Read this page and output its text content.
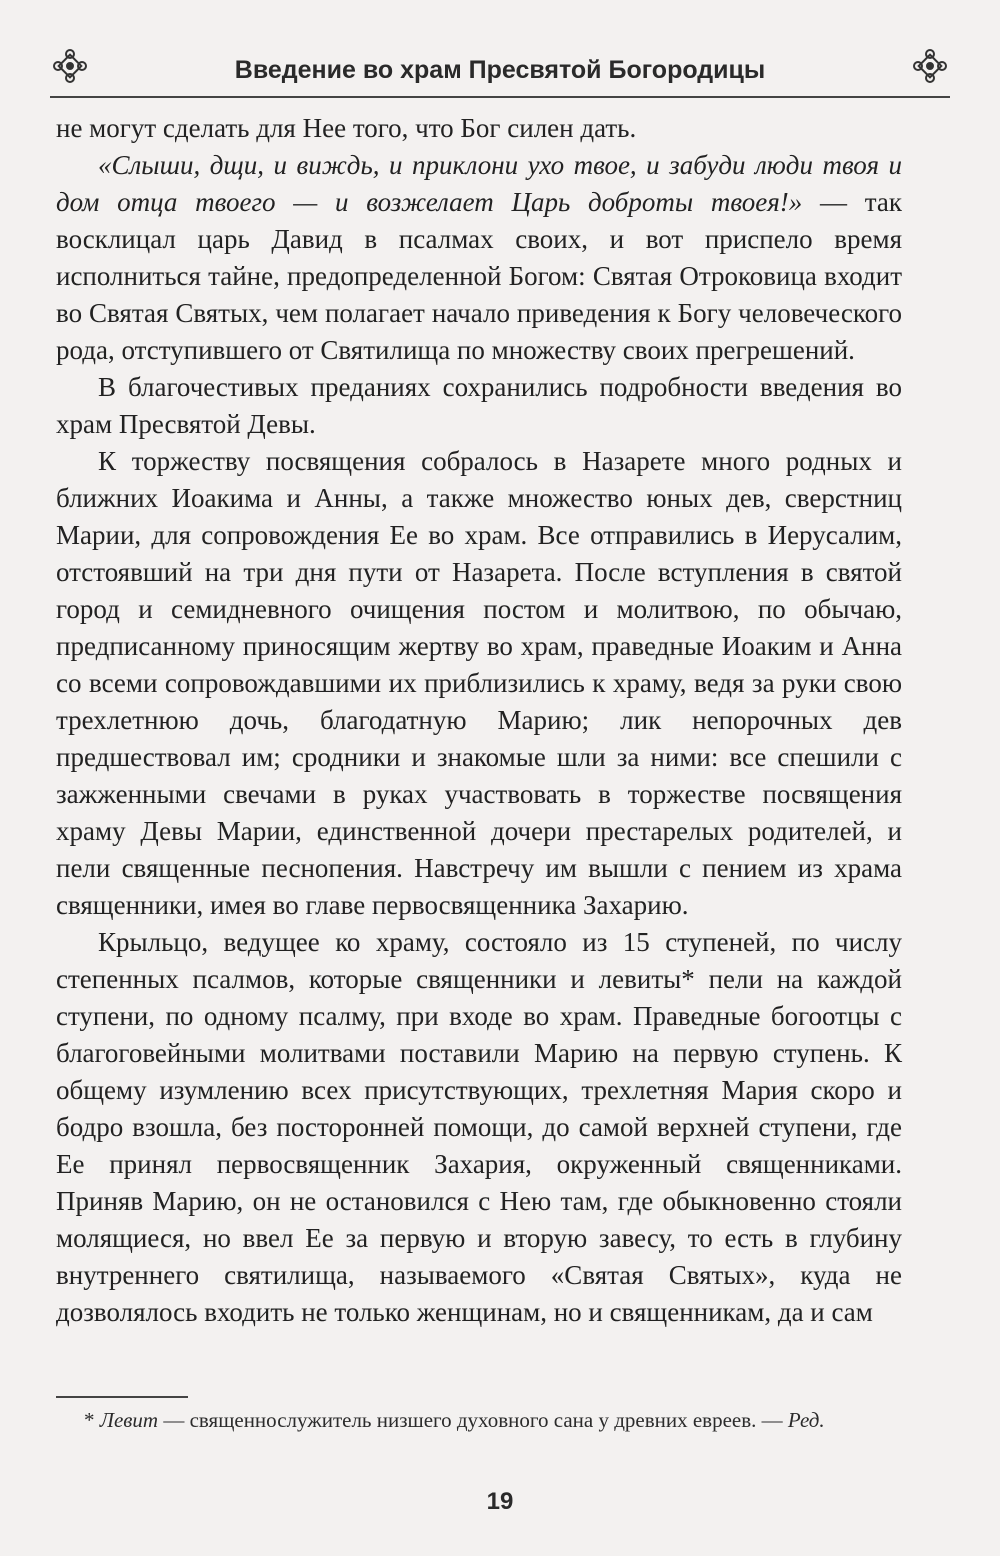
Введение во храм Пресвятой Богородицы

не могут сделать для Нее того, что Бог силен дать.

«Слыши, дщи, и виждь, и приклони ухо твое, и забуди люди твоя и дом отца твоего — и возжелает Царь доброты твоея!» — так восклицал царь Давид в псалмах своих, и вот приспело время исполниться тайне, предопределенной Богом: Святая Отроковица входит во Святая Святых, чем полагает начало приведения к Богу человеческого рода, отступившего от Святилища по множеству своих прегрешений.

В благочестивых преданиях сохранились подробности введения во храм Пресвятой Девы.

К торжеству посвящения собралось в Назарете много родных и ближних Иоакима и Анны, а также множество юных дев, сверстниц Марии, для сопровождения Ее во храм. Все отправились в Иерусалим, отстоявший на три дня пути от Назарета. После вступления в святой город и семидневного очищения постом и молитвою, по обычаю, предписанному приносящим жертву во храм, праведные Иоаким и Анна со всеми сопровождавшими их приблизились к храму, ведя за руки свою трехлетнюю дочь, благодатную Марию; лик непорочных дев предшествовал им; сродники и знакомые шли за ними: все спешили с зажженными свечами в руках участвовать в торжестве посвящения храму Девы Марии, единственной дочери престарелых родителей, и пели священные песнопения. Навстречу им вышли с пением из храма священники, имея во главе первосвященника Захарию.

Крыльцо, ведущее ко храму, состояло из 15 ступеней, по числу степенных псалмов, которые священники и левиты* пели на каждой ступени, по одному псалму, при входе во храм. Праведные богоотцы с благоговейными молитвами поставили Марию на первую ступень. К общему изумлению всех присутствующих, трехлетняя Мария скоро и бодро взошла, без посторонней помощи, до самой верхней ступени, где Ее принял первосвященник Захария, окруженный священниками. Приняв Марию, он не остановился с Нею там, где обыкновенно стояли молящиеся, но ввел Ее за первую и вторую завесу, то есть в глубину внутреннего святилища, называемого «Святая Святых», куда не дозволялось входить не только женщинам, но и священникам, да и сам

* Левит — священнослужитель низшего духовного сана у древних евреев. — Ред.

19
